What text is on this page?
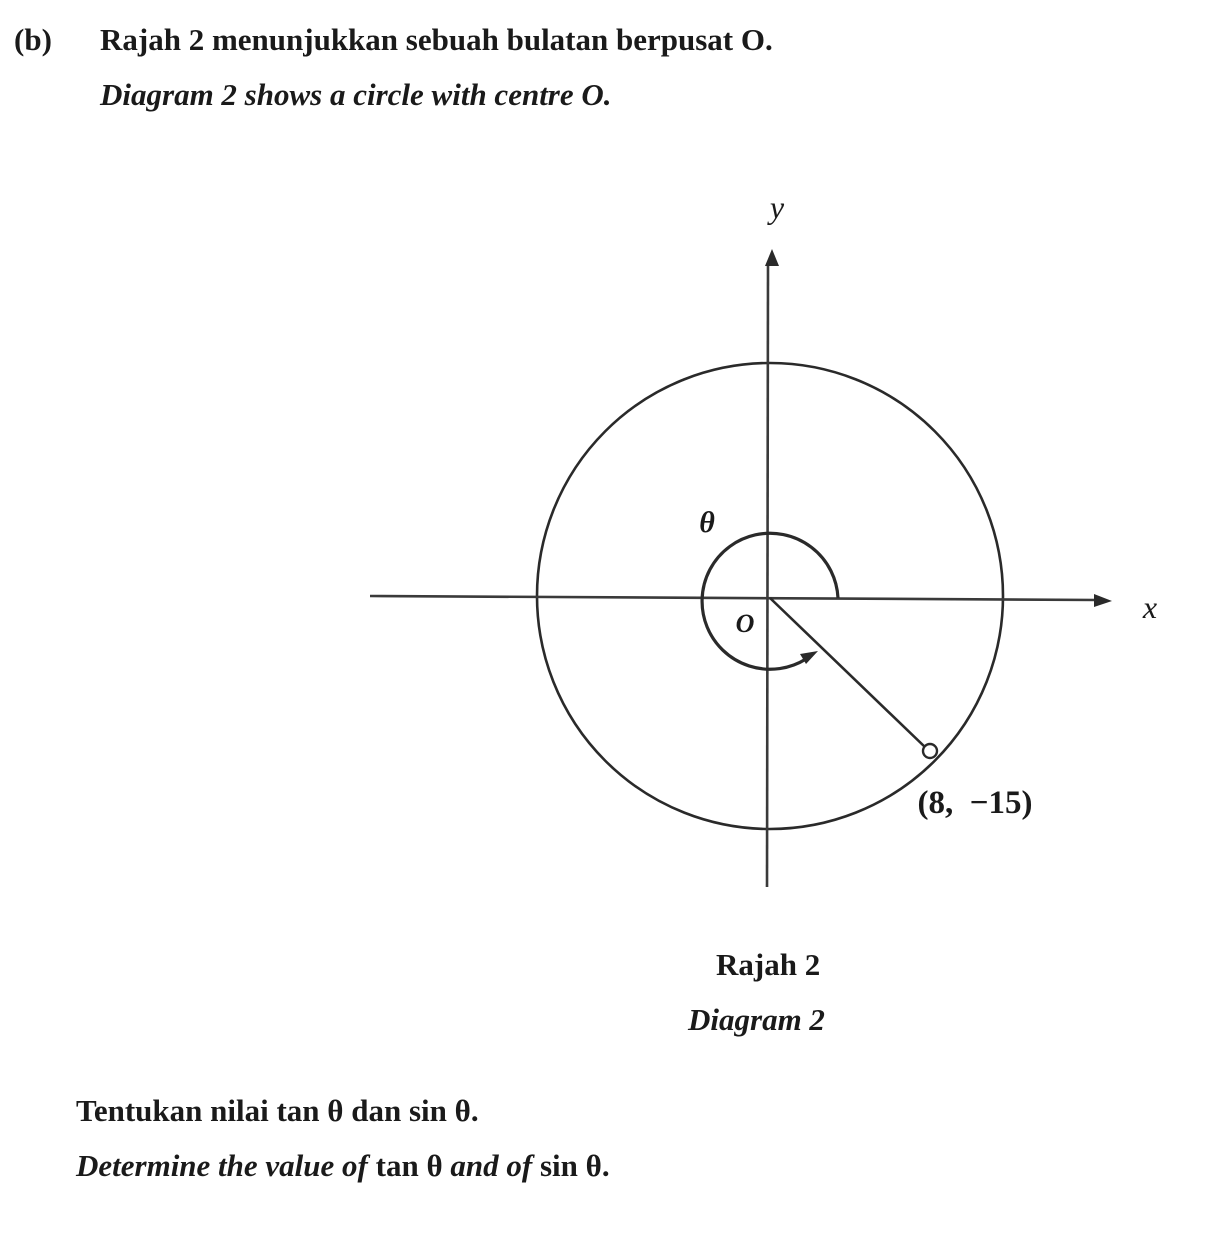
(b) Rajah 2 menunjukkan sebuah bulatan berpusat O.
Diagram 2 shows a circle with centre O.
y
x
O
θ
(8,  −15)
Rajah 2
Diagram 2
Tentukan nilai tan θ dan sin θ.
Determine the value of tan θ and of sin θ.
